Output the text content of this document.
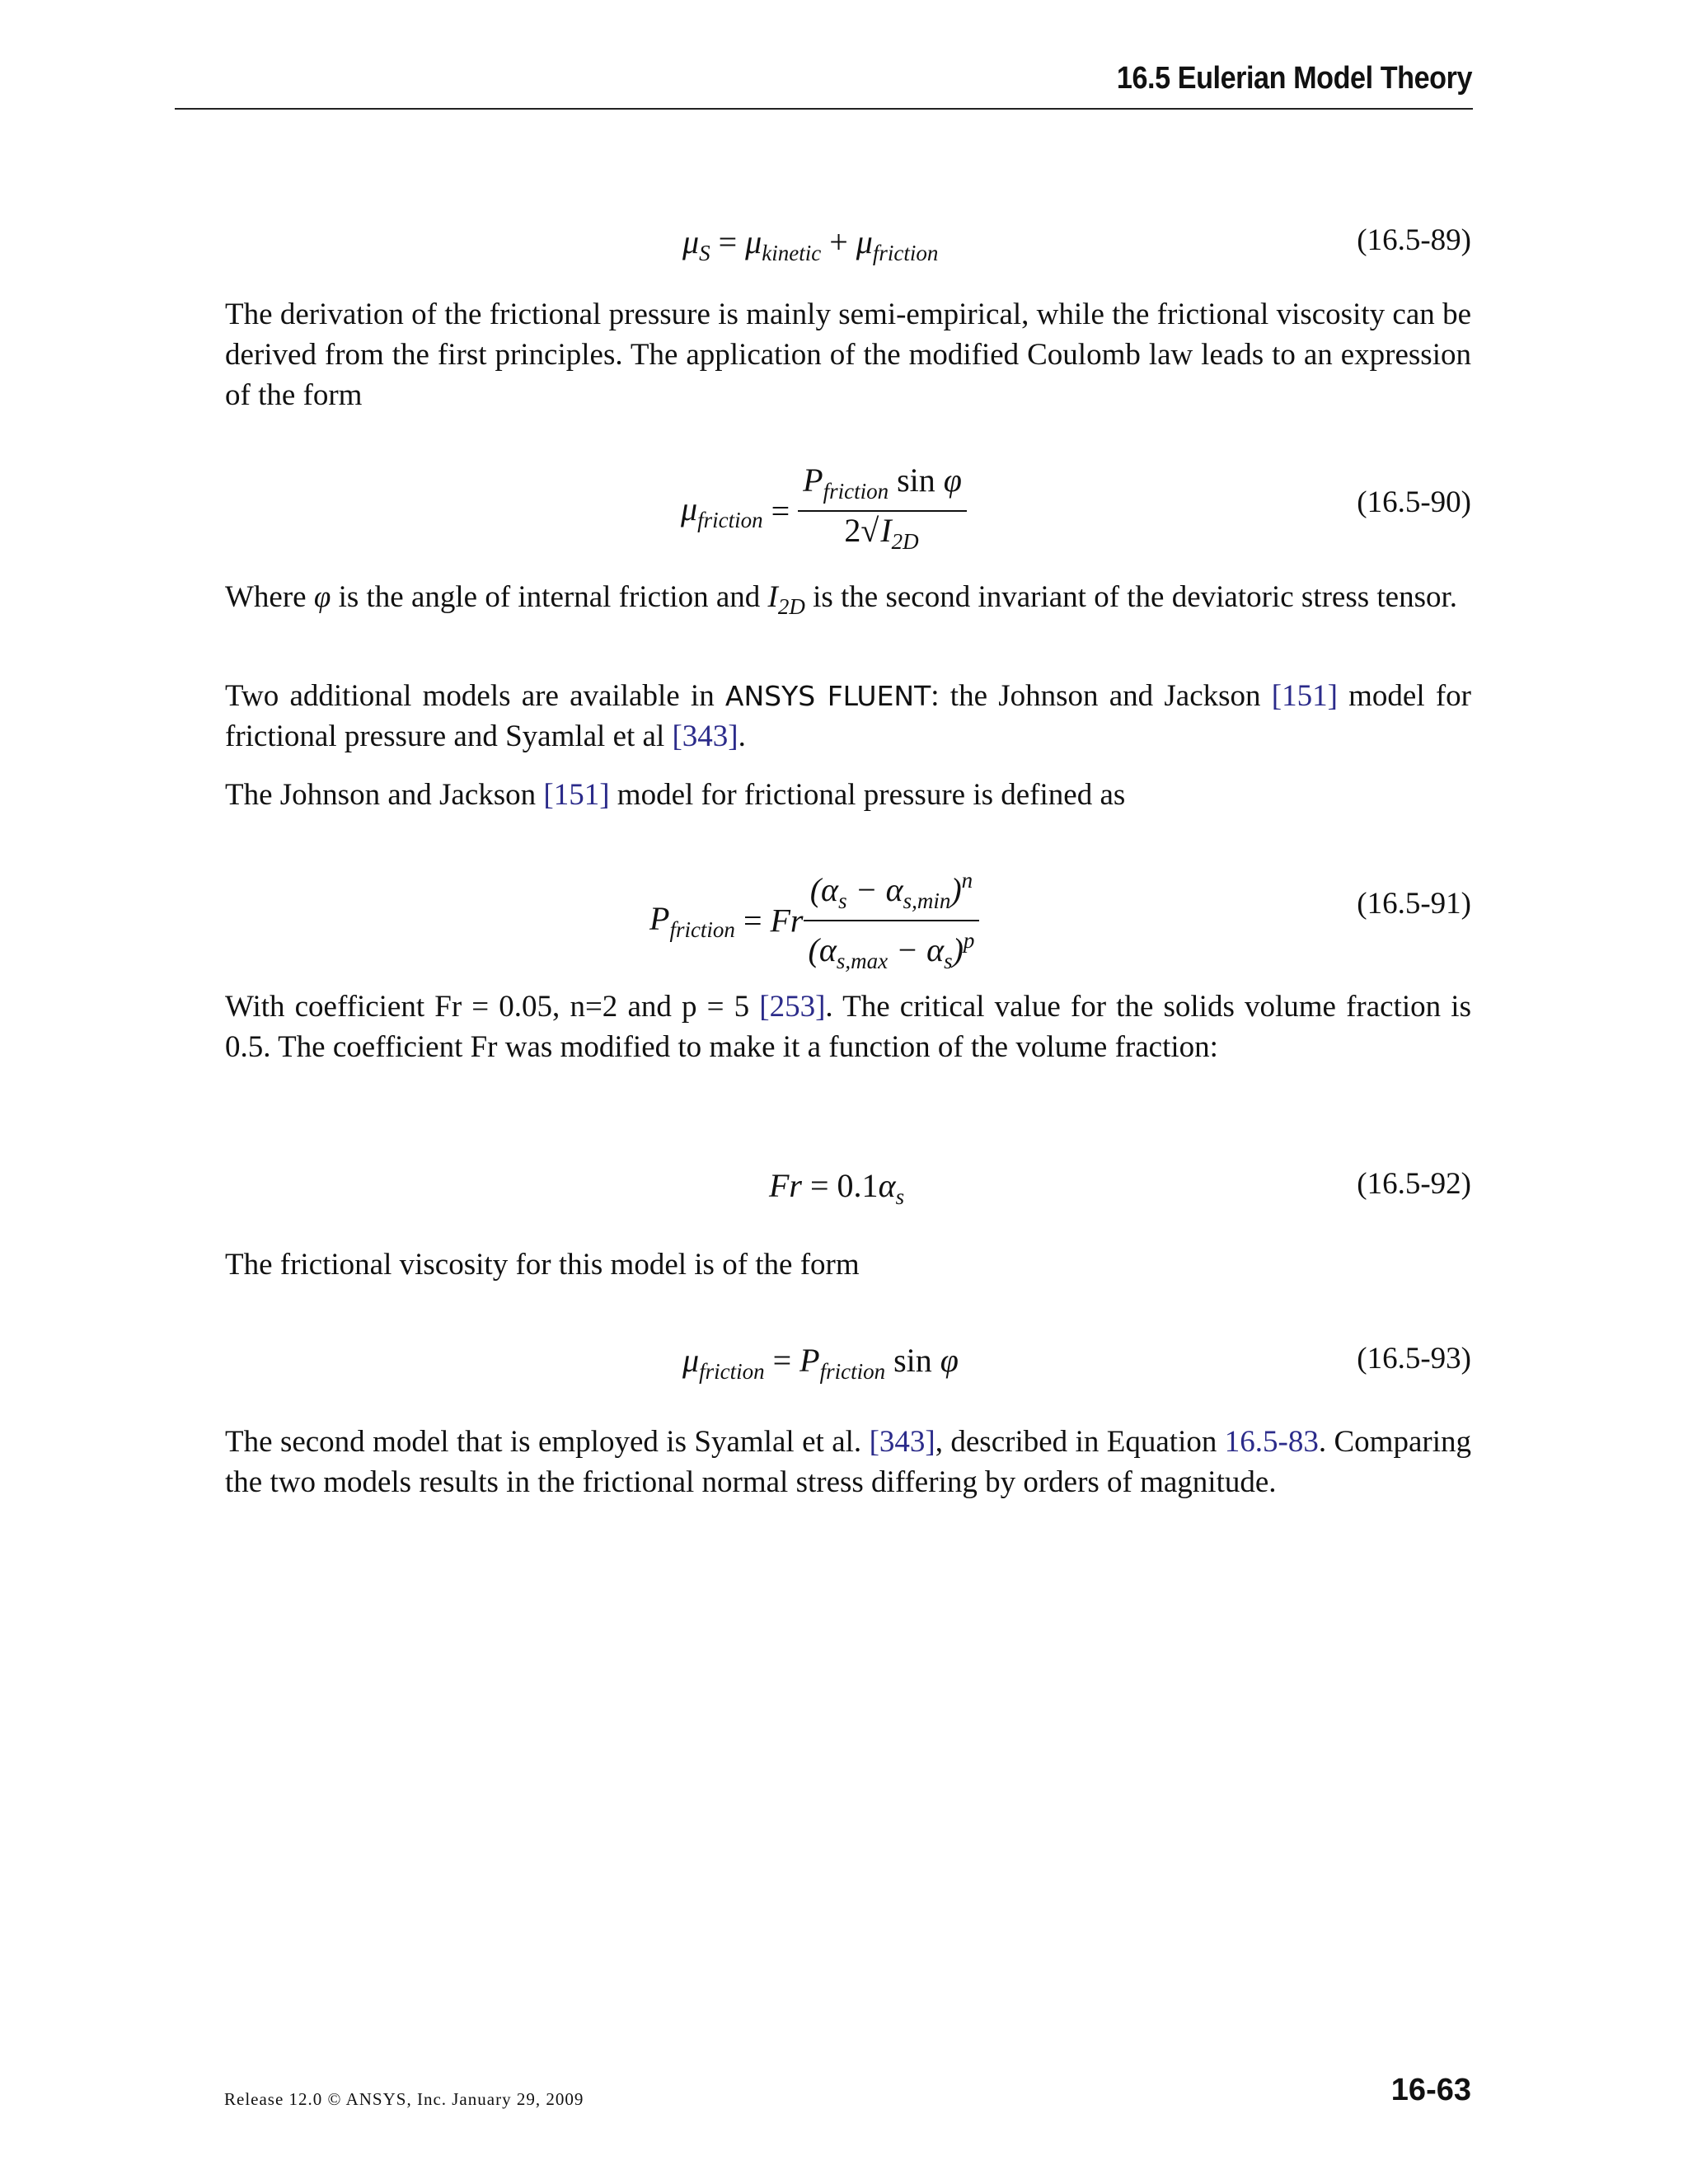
16.5 Eulerian Model Theory
$\mu_S = \mu_{kinetic} + \mu_{friction}$	(16.5-89)
The derivation of the frictional pressure is mainly semi-empirical, while the frictional viscosity can be derived from the first principles. The application of the modified Coulomb law leads to an expression of the form
$\mu_{friction} = \frac{P_{friction} \sin \varphi}{2√I_{2D}}$	(16.5-90)
Where φ is the angle of internal friction and $I_{2D}$ is the second invariant of the deviatoric stress tensor.
Two additional models are available in ANSYS FLUENT: the Johnson and Jackson [151] model for frictional pressure and Syamlal et al [343].
The Johnson and Jackson [151] model for frictional pressure is defined as
$P_{friction} = Fr \frac{(\alpha_s - \alpha_{s,min})^n}{(\alpha_{s,max} - \alpha_s)^p}$	(16.5-91)
With coefficient Fr = 0.05, n=2 and p = 5 [253]. The critical value for the solids volume fraction is 0.5. The coefficient Fr was modified to make it a function of the volume fraction:
$Fr = 0.1\alpha_s$	(16.5-92)
The frictional viscosity for this model is of the form
$\mu_{friction} = P_{friction}$ sin φ	(16.5-93)
The second model that is employed is Syamlal et al. [343], described in Equation 16.5-83. Comparing the two models results in the frictional normal stress differing by orders of magnitude.
Release 12.0 © ANSYS, Inc. January 29, 2009	16-63
